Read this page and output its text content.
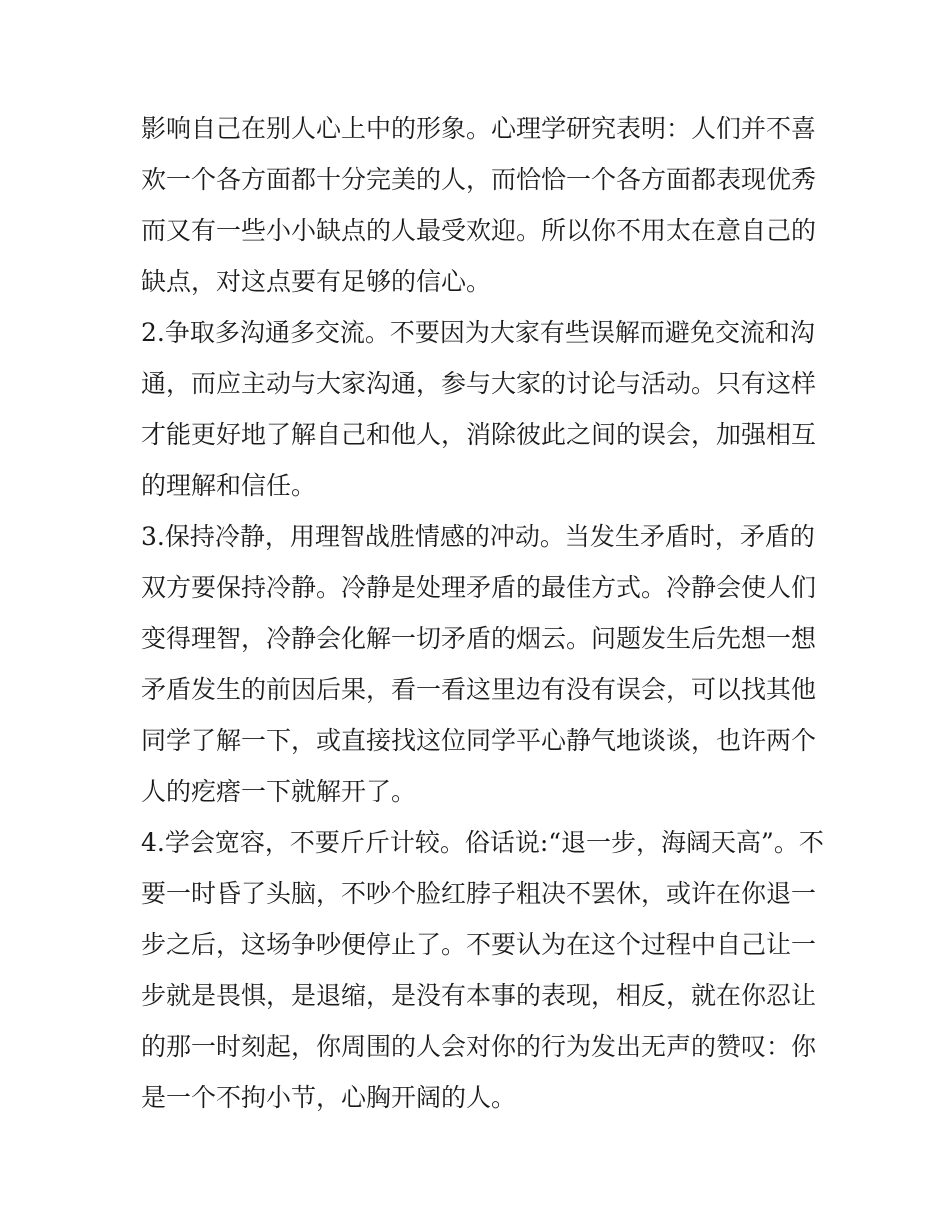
影响自己在别人心上中的形象。心理学研究表明：人们并不喜
欢一个各方面都十分完美的人，而恰恰一个各方面都表现优秀
而又有一些小小缺点的人最受欢迎。所以你不用太在意自己的
缺点，对这点要有足够的信心。
2.争取多沟通多交流。不要因为大家有些误解而避免交流和沟
通，而应主动与大家沟通，参与大家的讨论与活动。只有这样
才能更好地了解自己和他人，消除彼此之间的误会，加强相互
的理解和信任。
3.保持冷静，用理智战胜情感的冲动。当发生矛盾时，矛盾的
双方要保持冷静。冷静是处理矛盾的最佳方式。冷静会使人们
变得理智，冷静会化解一切矛盾的烟云。问题发生后先想一想
矛盾发生的前因后果，看一看这里边有没有误会，可以找其他
同学了解一下，或直接找这位同学平心静气地谈谈，也许两个
人的疙瘩一下就解开了。
4.学会宽容，不要斤斤计较。俗话说:“退一步，海阔天高”。不
要一时昏了头脑，不吵个脸红脖子粗决不罢休，或许在你退一
步之后，这场争吵便停止了。不要认为在这个过程中自己让一
步就是畏惧，是退缩，是没有本事的表现，相反，就在你忍让
的那一时刻起，你周围的人会对你的行为发出无声的赞叹：你
是一个不拘小节，心胸开阔的人。
